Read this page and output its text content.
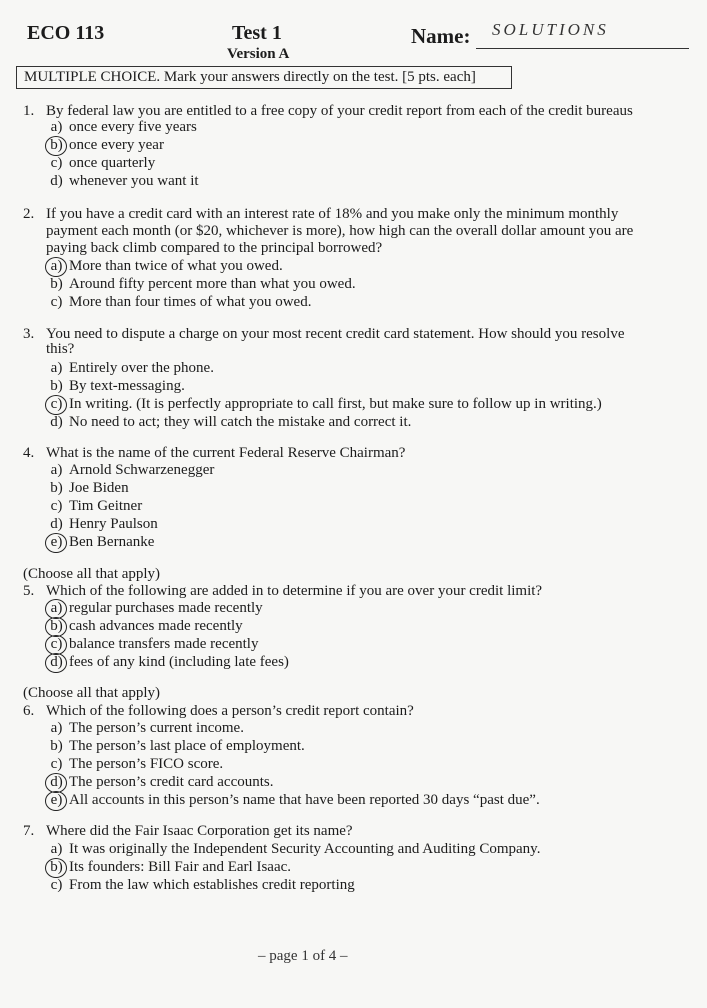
ECO 113	Test 1
Version A
Name: SOLUTIONS
MULTIPLE CHOICE. Mark your answers directly on the test. [5 pts. each]
1. By federal law you are entitled to a free copy of your credit report from each of the credit bureaus
a) once every five years
b) once every year
c) once quarterly
d) whenever you want it
2. If you have a credit card with an interest rate of 18% and you make only the minimum monthly
payment each month (or $20, whichever is more), how high can the overall dollar amount you are
paying back climb compared to the principal borrowed?
a) More than twice of what you owed.
b) Around fifty percent more than what you owed.
c) More than four times of what you owed.
3. You need to dispute a charge on your most recent credit card statement. How should you resolve
this?
a) Entirely over the phone.
b) By text-messaging.
c) In writing. (It is perfectly appropriate to call first, but make sure to follow up in writing.)
d) No need to act; they will catch the mistake and correct it.
4. What is the name of the current Federal Reserve Chairman?
a) Arnold Schwarzenegger
b) Joe Biden
c) Tim Geitner
d) Henry Paulson
e) Ben Bernanke
(Choose all that apply)
5. Which of the following are added in to determine if you are over your credit limit?
a) regular purchases made recently
b) cash advances made recently
c) balance transfers made recently
d) fees of any kind (including late fees)
(Choose all that apply)
6. Which of the following does a person’s credit report contain?
a) The person’s current income.
b) The person’s last place of employment.
c) The person’s FICO score.
d) The person’s credit card accounts.
e) All accounts in this person’s name that have been reported 30 days “past due”.
7. Where did the Fair Isaac Corporation get its name?
a) It was originally the Independent Security Accounting and Auditing Company.
b) Its founders: Bill Fair and Earl Isaac.
c) From the law which establishes credit reporting
– page 1 of 4 –
